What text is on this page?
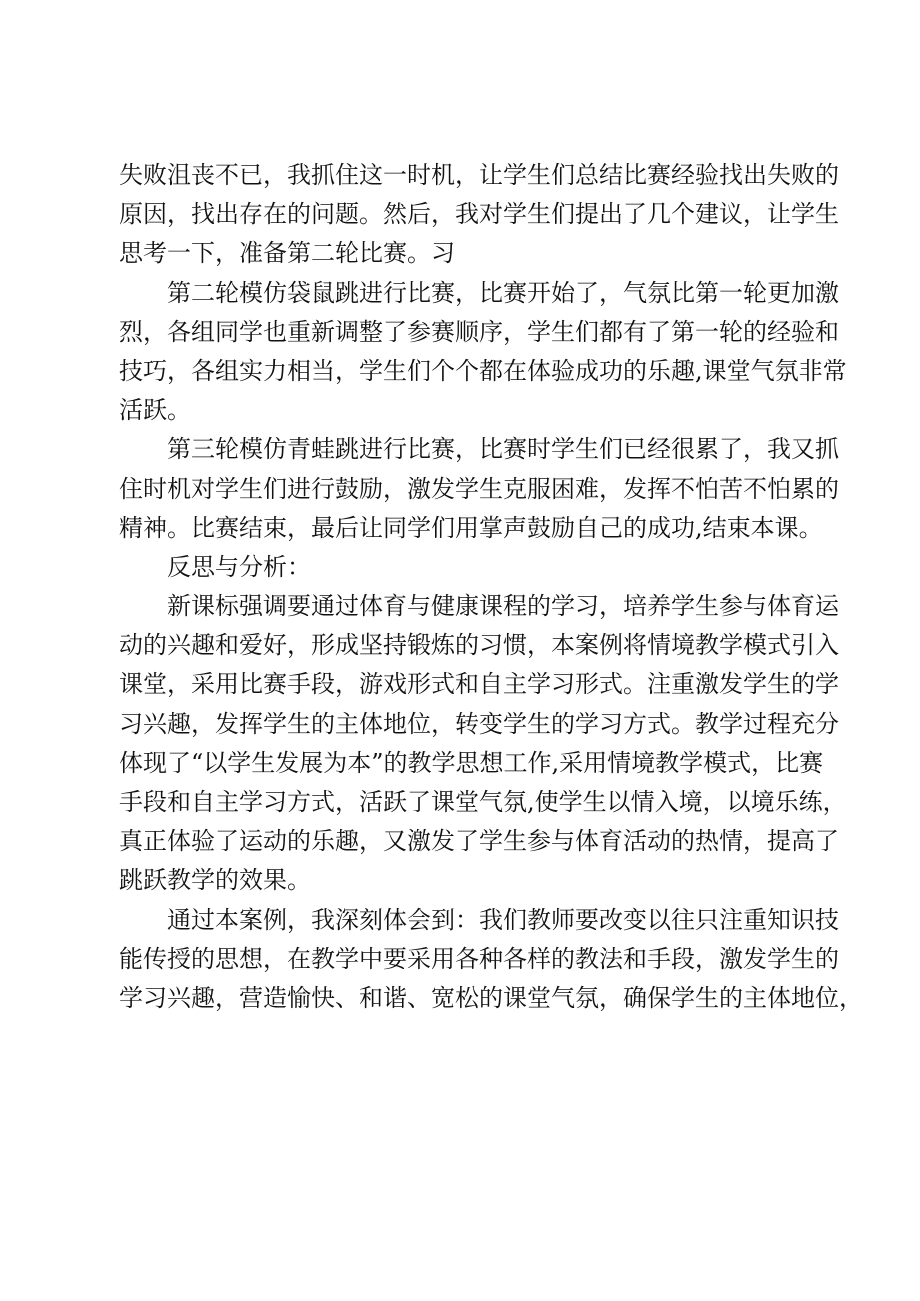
失败沮丧不已，我抓住这一时机，让学生们总结比赛经验找出失败的
原因，找出存在的问题。然后，我对学生们提出了几个建议，让学生
思考一下，准备第二轮比赛。习
第二轮模仿袋鼠跳进行比赛，比赛开始了，气氛比第一轮更加激
烈，各组同学也重新调整了参赛顺序，学生们都有了第一轮的经验和
技巧，各组实力相当，学生们个个都在体验成功的乐趣,课堂气氛非常
活跃。
第三轮模仿青蛙跳进行比赛，比赛时学生们已经很累了，我又抓
住时机对学生们进行鼓励，激发学生克服困难，发挥不怕苦不怕累的
精神。比赛结束，最后让同学们用掌声鼓励自己的成功,结束本课。
反思与分析：
新课标强调要通过体育与健康课程的学习，培养学生参与体育运
动的兴趣和爱好，形成坚持锻炼的习惯，本案例将情境教学模式引入
课堂，采用比赛手段，游戏形式和自主学习形式。注重激发学生的学
习兴趣，发挥学生的主体地位，转变学生的学习方式。教学过程充分
体现了“以学生发展为本”的教学思想工作,采用情境教学模式，比赛
手段和自主学习方式，活跃了课堂气氛,使学生以情入境，以境乐练，
真正体验了运动的乐趣，又激发了学生参与体育活动的热情，提高了
跳跃教学的效果。
通过本案例，我深刻体会到：我们教师要改变以往只注重知识技
能传授的思想，在教学中要采用各种各样的教法和手段，激发学生的
学习兴趣，营造愉快、和谐、宽松的课堂气氛，确保学生的主体地位，
